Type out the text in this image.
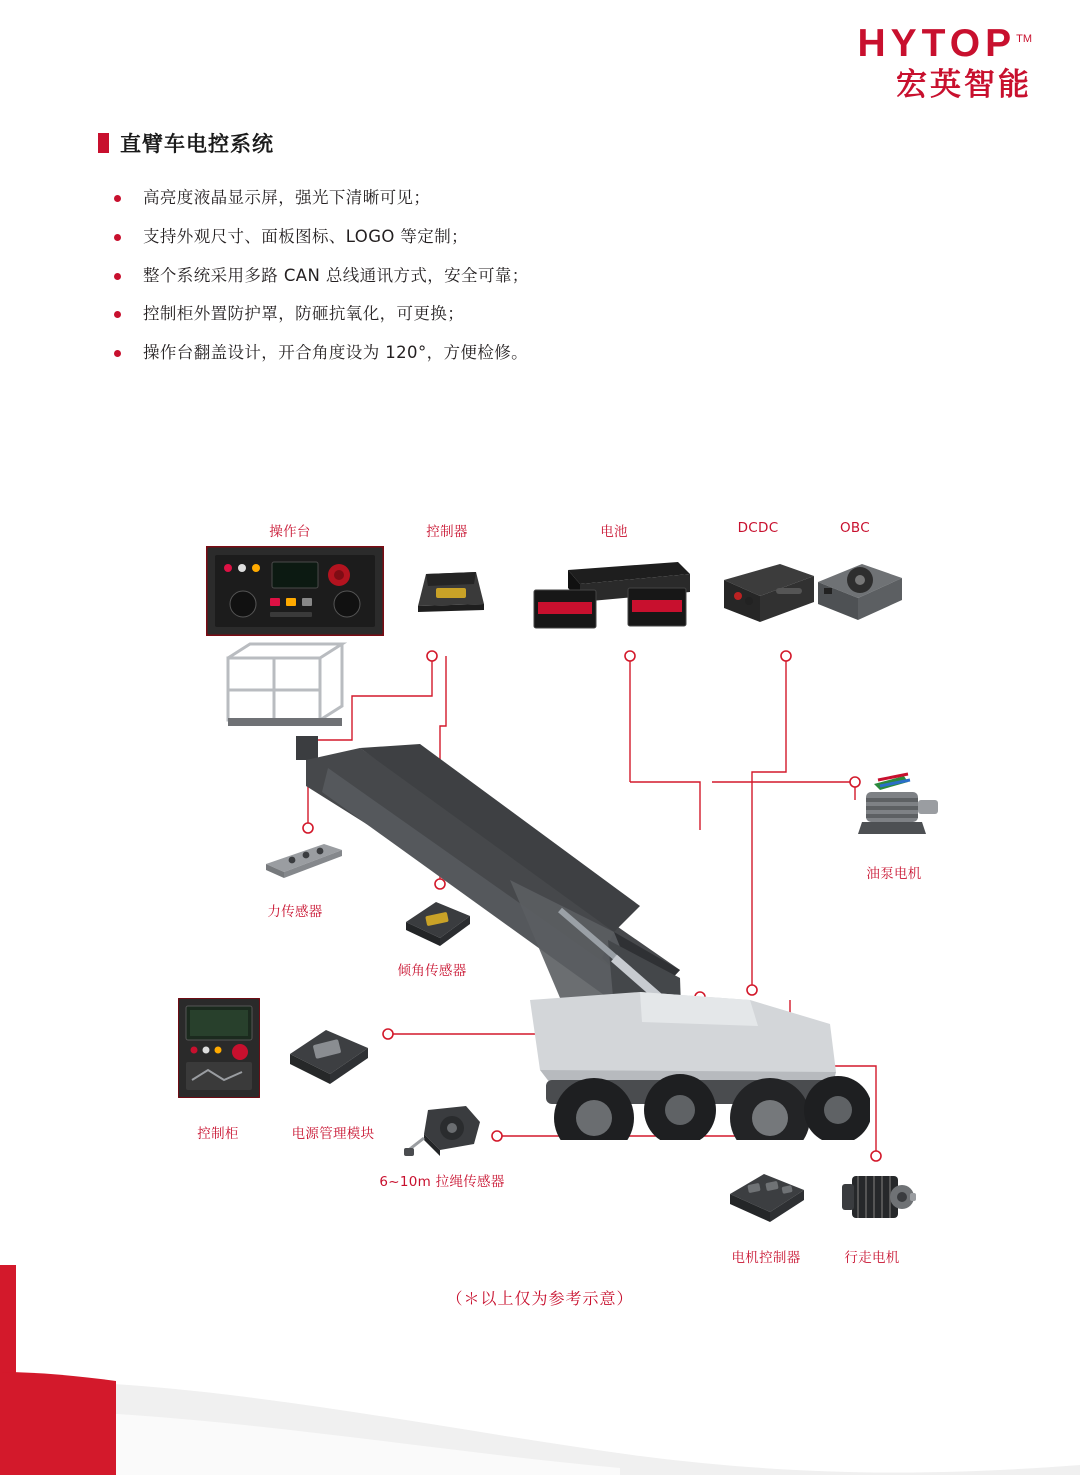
HYTOP™
宏英智能
直臂车电控系统
高亮度液晶显示屏，强光下清晰可见；
支持外观尺寸、面板图标、LOGO 等定制；
整个系统采用多路 CAN 总线通讯方式，安全可靠；
控制柜外置防护罩，防砸抗氧化，可更换；
操作台翻盖设计，开合角度设为 120°，方便检修。
操作台	控制器	电池	DCDC	OBC
油泵电机
力传感器
倾角传感器
控制柜	电源管理模块
6~10m 拉绳传感器
电机控制器	行走电机
（＊以上仅为参考示意）
